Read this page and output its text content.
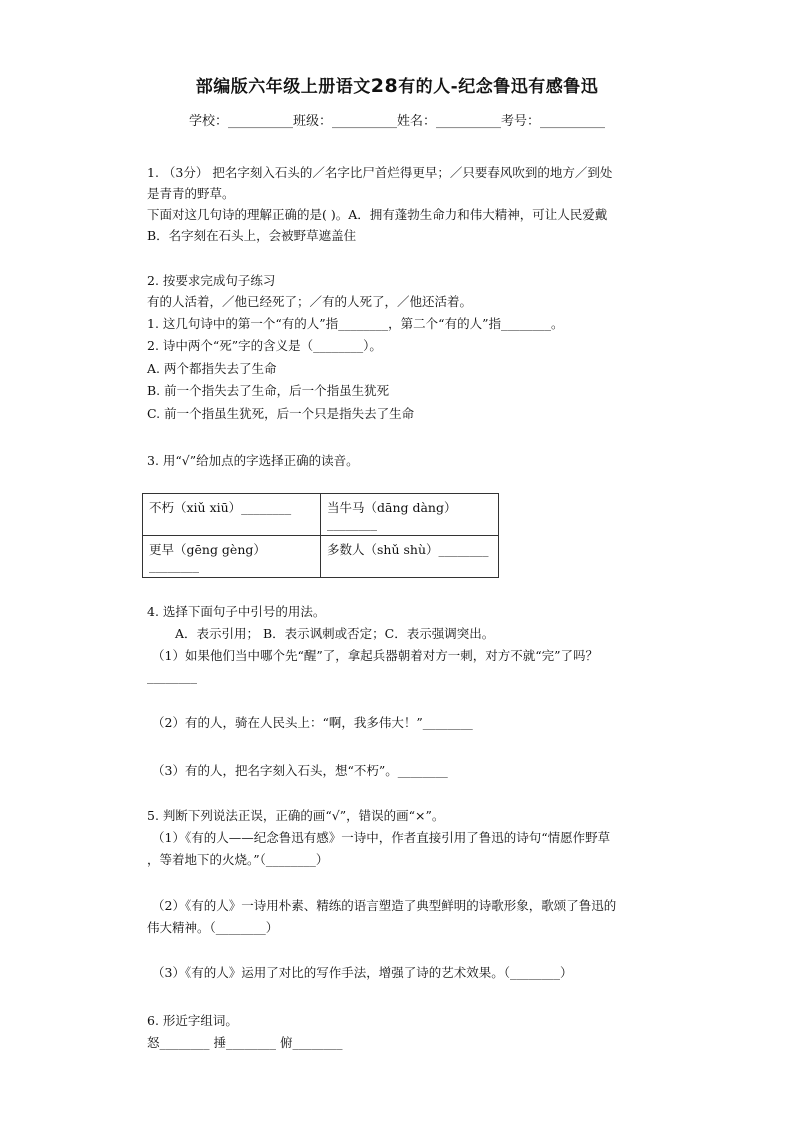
部编版六年级上册语文28有的人-纪念鲁迅有感鲁迅
学校：__________班级：__________姓名：__________考号：__________
1. （3分） 把名字刻入石头的／名字比尸首烂得更早；／只要春风吹到的地方／到处
是青青的野草。
下面对这几句诗的理解正确的是( )。A．拥有蓬勃生命力和伟大精神，可让人民爱戴
B．名字刻在石头上，会被野草遮盖住
2. 按要求完成句子练习
有的人活着，／他已经死了；／有的人死了，／他还活着。
1. 这几句诗中的第一个“有的人”指________，第二个“有的人”指________。
2. 诗中两个“死”字的含义是（________）。
A. 两个都指失去了生命
B. 前一个指失去了生命，后一个指虽生犹死
C. 前一个指虽生犹死，后一个只是指失去了生命
3. 用“√”给加点的字选择正确的读音。
不朽（xiǔ xiū）________	当牛马（dāng dàng）________
更早（gēng gèng）________	多数人（shǔ shù）________
4. 选择下面句子中引号的用法。
A．表示引用； B．表示讽刺或否定；C．表示强调突出。
（1）如果他们当中哪个先“醒”了，拿起兵器朝着对方一刺，对方不就“完”了吗？
________
（2）有的人，骑在人民头上：“啊，我多伟大！”________
（3）有的人，把名字刻入石头，想“不朽”。________
5. 判断下列说法正误，正确的画“√”，错误的画“×”。
（1）《有的人——纪念鲁迅有感》一诗中，作者直接引用了鲁迅的诗句“情愿作野草
，等着地下的火烧。”（________）
（2）《有的人》一诗用朴素、精练的语言塑造了典型鲜明的诗歌形象，歌颂了鲁迅的
伟大精神。（________）
（3）《有的人》运用了对比的写作手法，增强了诗的艺术效果。（________）
6. 形近字组词。
怒________ 捶________ 俯________
